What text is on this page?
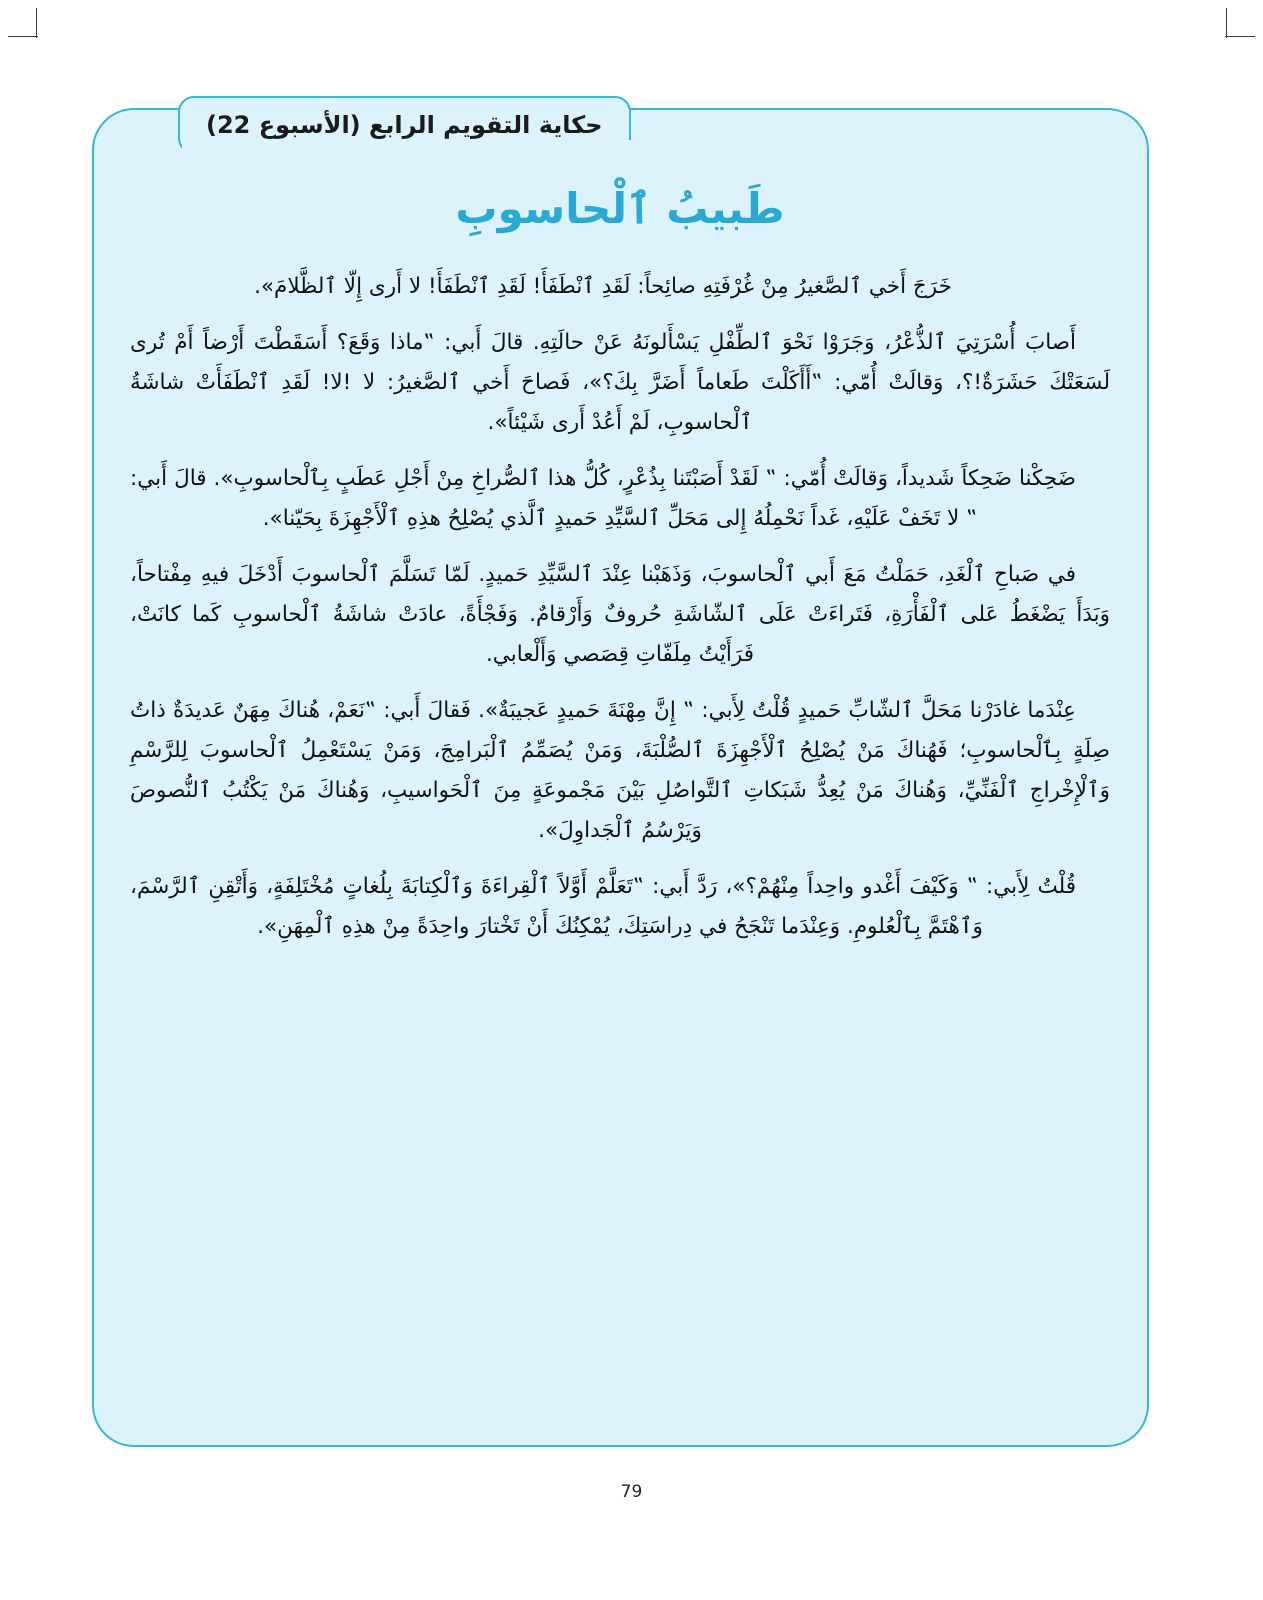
حكاية التقويم الرابع (الأسبوع 22)
طَبيبُ ٱلْحاسوبِ

خَرَجَ أَخي ٱلصَّغيرُ مِنْ غُرْفَتِهِ صائِحاً: لَقَدِ ٱنْطَفَأَ! لَقَدِ ٱنْطَفَأَ! لا أَرى إِلّا ٱلظَّلامَ».

أَصابَ أُسْرَتِيَ ٱلذُّعْرُ، وَجَرَوْا نَحْوَ ٱلطِّفْلِ يَسْأَلونَهُ عَنْ حالَتِهِ. قالَ أَبي: ‟ماذا وَقَعَ؟ أَسَقَطْتَ أَرْضاً أَمْ تُرى لَسَعَتْكَ حَشَرَةٌ!؟، وَقالَتْ أُمّي: ‟أَأَكَلْتَ طَعاماً أَضَرَّ بِكَ؟»، فَصاحَ أَخي ٱلصَّغيرُ: لا !لا! لَقَدِ ٱنْطَفَأَتْ شاشَةُ ٱلْحاسوبِ، لَمْ أَعُدْ أَرى شَيْئاً».

ضَحِكْنا ضَحِكاً شَديداً، وَقالَتْ أُمّي: ‟ لَقَدْ أَصَبْتَنا بِذُعْرٍ، كُلُّ هذا ٱلصُّراخِ مِنْ أَجْلِ عَطَبٍ بِٱلْحاسوبِ». قالَ أَبي: ‟ لا تَخَفْ عَلَيْهِ، غَداً نَحْمِلُهُ إِلى مَحَلِّ ٱلسَّيِّدِ حَميدٍ ٱلَّذي يُصْلِحُ هذِهِ ٱلْأَجْهِزَةَ بِحَيّنا».

في صَباحِ ٱلْغَدِ، حَمَلْتُ مَعَ أَبي ٱلْحاسوبَ، وَذَهَبْنا عِنْدَ ٱلسَّيِّدِ حَميدٍ. لَمّا تَسَلَّمَ ٱلْحاسوبَ أَدْخَلَ فيهِ مِفْتاحاً، وَبَدَأَ يَضْغَطُ عَلى ٱلْفَأْرَةِ، فَتَراءَتْ عَلَى ٱلشّاشَةِ حُروفٌ وَأَرْقامٌ. وَفَجْأَةً، عادَتْ شاشَةُ ٱلْحاسوبِ كَما كانَتْ، فَرَأَيْتُ مِلَفّاتِ قِصَصي وَأَلْعابي.

عِنْدَما غادَرْنا مَحَلَّ ٱلشّابِّ حَميدٍ قُلْتُ لِأَبي: ‟ إِنَّ مِهْنَةَ حَميدٍ عَجيبَةٌ». فَقالَ أَبي: ‟نَعَمْ، هُناكَ مِهَنٌ عَديدَةٌ ذاتُ صِلَةٍ بِٱلْحاسوبِ؛ فَهُناكَ مَنْ يُصْلِحُ ٱلْأَجْهِزَةَ ٱلصُّلْبَةَ، وَمَنْ يُصَمِّمُ ٱلْبَرامِجَ، وَمَنْ يَسْتَعْمِلُ ٱلْحاسوبَ لِلرَّسْمِ وَٱلْإِخْراجِ ٱلْفَنِّيِّ، وَهُناكَ مَنْ يُعِدُّ شَبَكاتِ ٱلتَّواصُلِ بَيْنَ مَجْموعَةٍ مِنَ ٱلْحَواسيبِ، وَهُناكَ مَنْ يَكْتُبُ ٱلنُّصوصَ وَيَرْسُمُ ٱلْجَداوِلَ».

قُلْتُ لِأَبي: ‟ وَكَيْفَ أَغْدو واحِداً مِنْهُمْ؟»، رَدَّ أَبي: ‟تَعَلَّمْ أَوَّلاً ٱلْقِراءَةَ وَٱلْكِتابَةَ بِلُغاتٍ مُخْتَلِفَةٍ، وَأَتْقِنِ ٱلرَّسْمَ، وَٱهْتَمَّ بِٱلْعُلومِ. وَعِنْدَما تَنْجَحُ في دِراسَتِكَ، يُمْكِنُكَ أَنْ تَخْتارَ واحِدَةً مِنْ هذِهِ ٱلْمِهَنِ».

79
